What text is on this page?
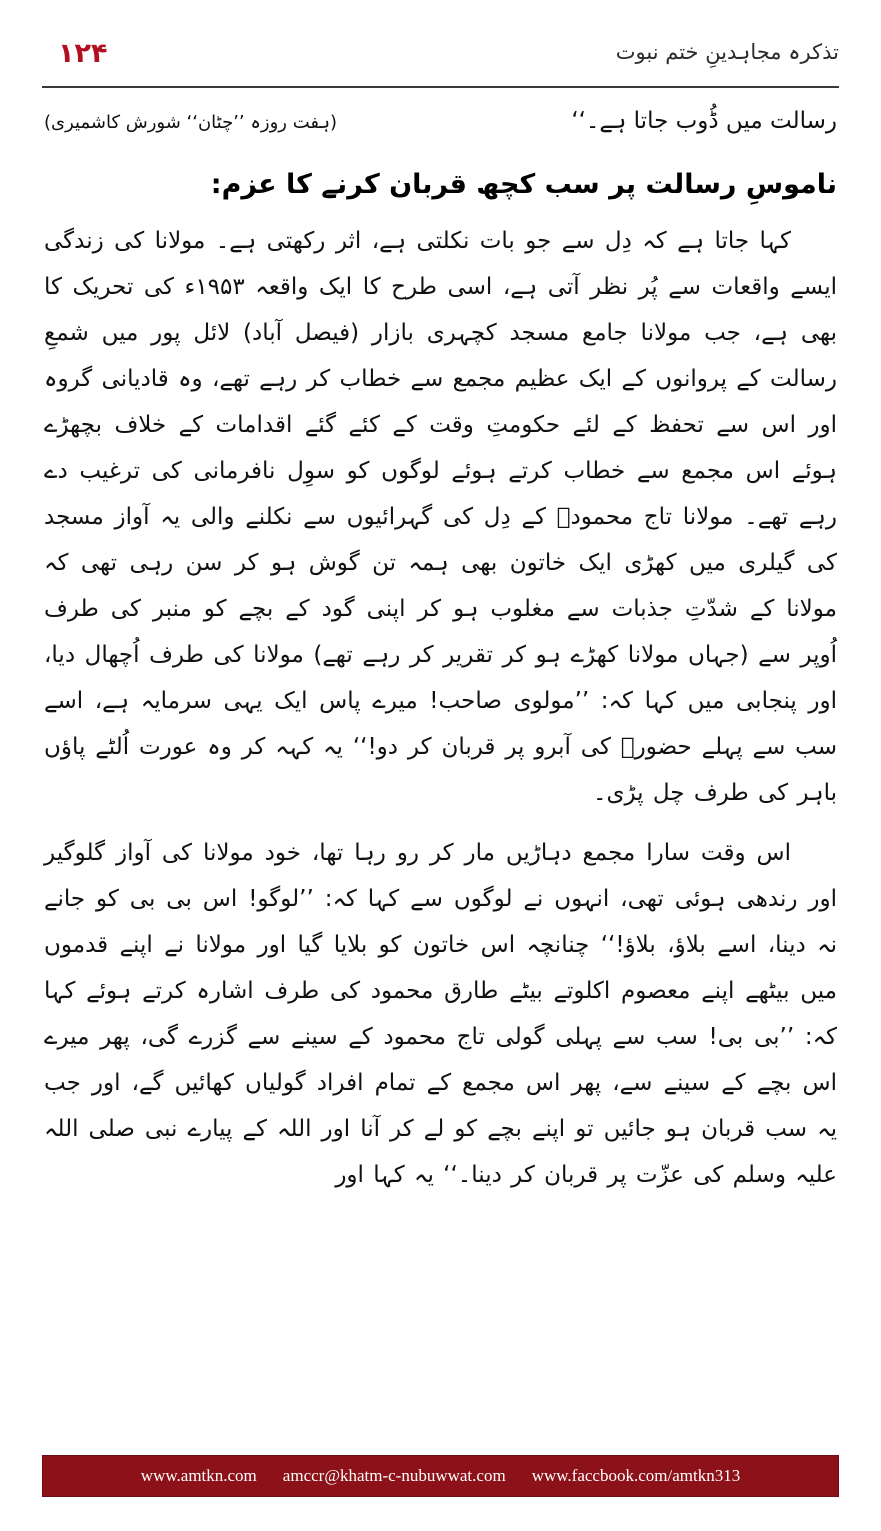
۱۲۴	تذکرہ مجاہدینِ ختم نبوت
رسالت میں ڈُوب جاتا ہے۔‘‘
(ہفت روزہ ’’چٹان‘‘ شورش کاشمیری)
ناموسِ رسالت پر سب کچھ قربان کرنے کا عزم:

کہا جاتا ہے کہ دِل سے جو بات نکلتی ہے، اثر رکھتی ہے۔ مولانا کی زندگی ایسے واقعات سے پُر نظر آتی ہے، اسی طرح کا ایک واقعہ ۱۹۵۳ء کی تحریک کا بھی ہے، جب مولانا جامع مسجد کچہری بازار (فیصل آباد) لائل پور میں شمعِ رسالت کے پروانوں کے ایک عظیم مجمع سے خطاب کر رہے تھے، وہ قادیانی گروہ اور اس سے تحفظ کے لئے حکومتِ وقت کے کئے گئے اقدامات کے خلاف بچھڑے ہوئے اس مجمع سے خطاب کرتے ہوئے لوگوں کو سوِل نافرمانی کی ترغیب دے رہے تھے۔ مولانا تاج محمودؒ کے دِل کی گہرائیوں سے نکلنے والی یہ آواز مسجد کی گیلری میں کھڑی ایک خاتون بھی ہمہ تن گوش ہو کر سن رہی تھی کہ مولانا کے شدّتِ جذبات سے مغلوب ہو کر اپنی گود کے بچے کو منبر کی طرف اُوپر سے (جہاں مولانا کھڑے ہو کر تقریر کر رہے تھے) مولانا کی طرف اُچھال دیا، اور پنجابی میں کہا کہ: ’’مولوی صاحب! میرے پاس ایک یہی سرمایہ ہے، اسے سب سے پہلے حضورؐ کی آبرو پر قربان کر دو!‘‘ یہ کہہ کر وہ عورت اُلٹے پاؤں باہر کی طرف چل پڑی۔

اس وقت سارا مجمع دہاڑیں مار کر رو رہا تھا، خود مولانا کی آواز گلوگیر اور رندھی ہوئی تھی، انہوں نے لوگوں سے کہا کہ: ’’لوگو! اس بی بی کو جانے نہ دینا، اسے بلاؤ، بلاؤ!‘‘ چنانچہ اس خاتون کو بلایا گیا اور مولانا نے اپنے قدموں میں بیٹھے اپنے معصوم اکلوتے بیٹے طارق محمود کی طرف اشارہ کرتے ہوئے کہا کہ: ’’بی بی! سب سے پہلی گولی تاج محمود کے سینے سے گزرے گی، پھر میرے اس بچے کے سینے سے، پھر اس مجمع کے تمام افراد گولیاں کھائیں گے، اور جب یہ سب قربان ہو جائیں تو اپنے بچے کو لے کر آنا اور اللہ کے پیارے نبی صلی اللہ علیہ وسلم کی عزّت پر قربان کر دینا۔‘‘ یہ کہا اور

www.amtkn.com amccr@khatm-c-nubuwwat.com www.faccbook.com/amtkn313
